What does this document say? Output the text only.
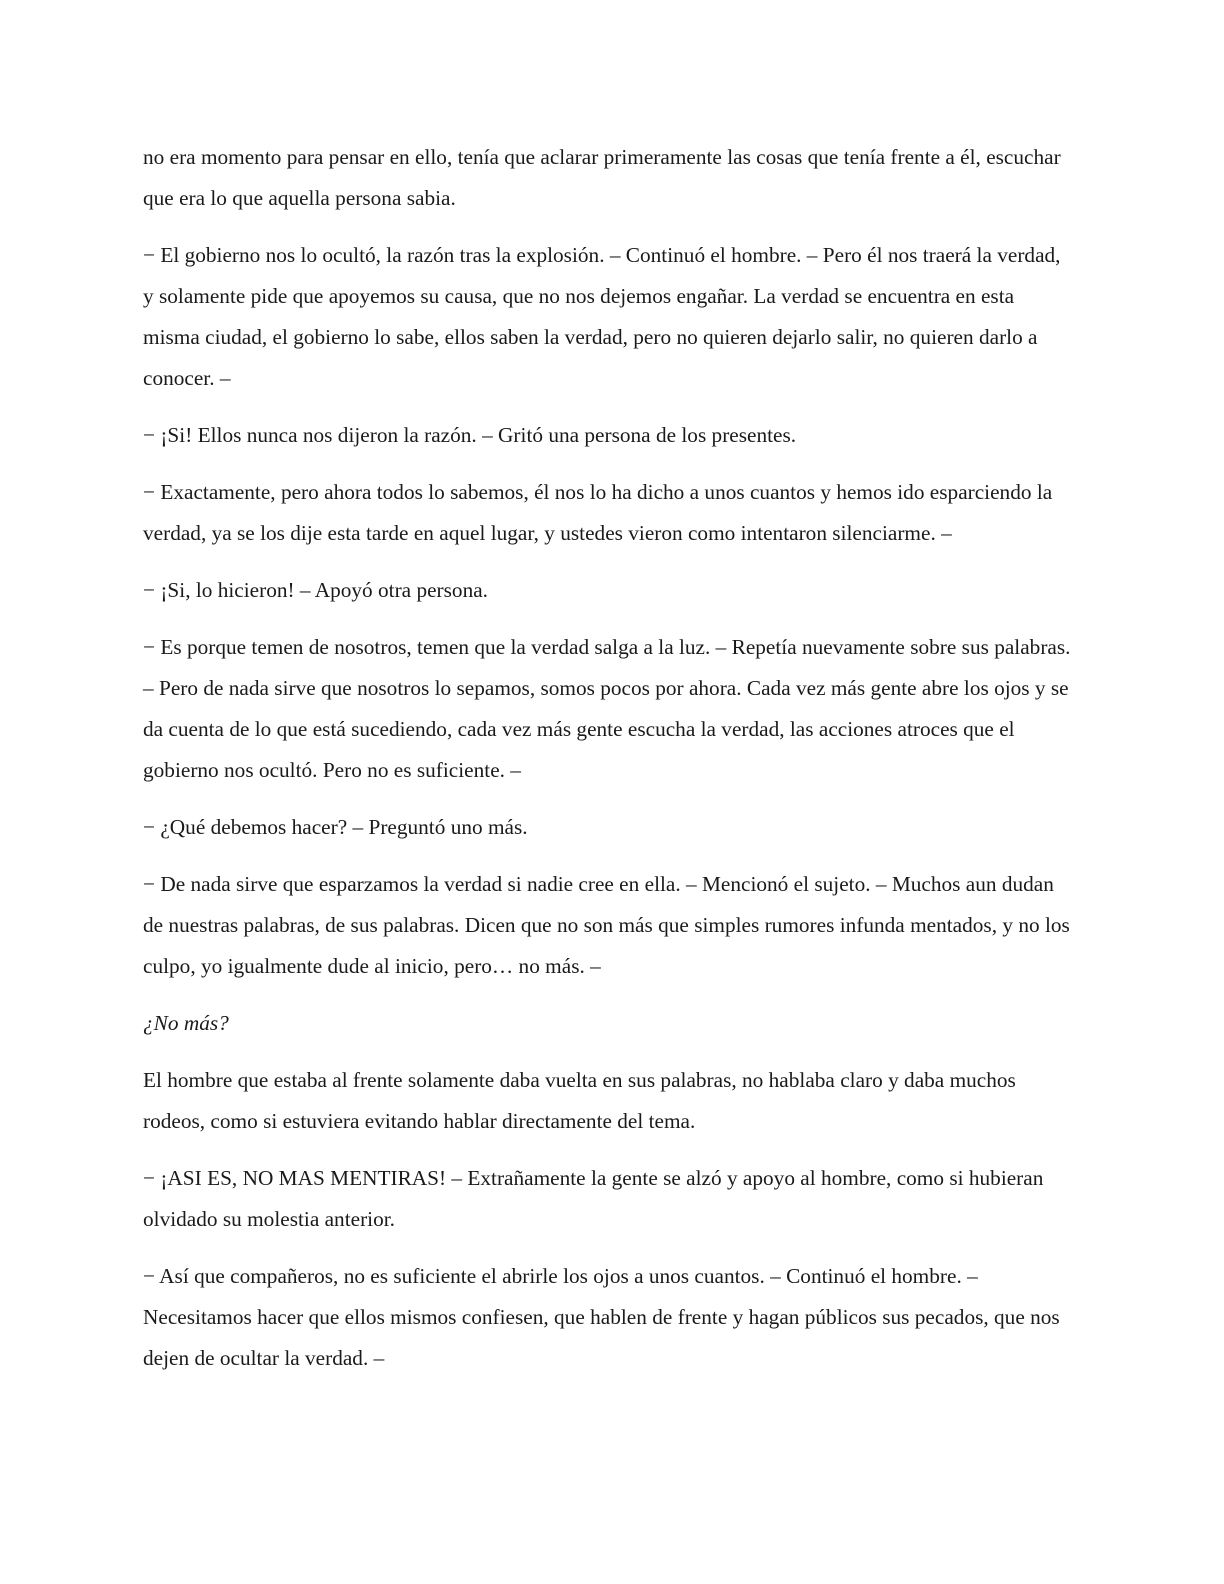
no era momento para pensar en ello, tenía que aclarar primeramente las cosas que tenía frente a él, escuchar que era lo que aquella persona sabia.

− El gobierno nos lo ocultó, la razón tras la explosión. – Continuó el hombre. – Pero él nos traerá la verdad, y solamente pide que apoyemos su causa, que no nos dejemos engañar. La verdad se encuentra en esta misma ciudad, el gobierno lo sabe, ellos saben la verdad, pero no quieren dejarlo salir, no quieren darlo a conocer. –

− ¡Si! Ellos nunca nos dijeron la razón. – Gritó una persona de los presentes.

− Exactamente, pero ahora todos lo sabemos, él nos lo ha dicho a unos cuantos y hemos ido esparciendo la verdad, ya se los dije esta tarde en aquel lugar, y ustedes vieron como intentaron silenciarme. –

− ¡Si, lo hicieron! – Apoyó otra persona.

− Es porque temen de nosotros, temen que la verdad salga a la luz. – Repetía nuevamente sobre sus palabras. – Pero de nada sirve que nosotros lo sepamos, somos pocos por ahora. Cada vez más gente abre los ojos y se da cuenta de lo que está sucediendo, cada vez más gente escucha la verdad, las acciones atroces que el gobierno nos ocultó. Pero no es suficiente. –

− ¿Qué debemos hacer? – Preguntó uno más.

− De nada sirve que esparzamos la verdad si nadie cree en ella. – Mencionó el sujeto. – Muchos aun dudan de nuestras palabras, de sus palabras. Dicen que no son más que simples rumores infunda mentados, y no los culpo, yo igualmente dude al inicio, pero… no más. –

¿No más?

El hombre que estaba al frente solamente daba vuelta en sus palabras, no hablaba claro y daba muchos rodeos, como si estuviera evitando hablar directamente del tema.

− ¡ASI ES, NO MAS MENTIRAS! – Extrañamente la gente se alzó y apoyo al hombre, como si hubieran olvidado su molestia anterior.

− Así que compañeros, no es suficiente el abrirle los ojos a unos cuantos. – Continuó el hombre. – Necesitamos hacer que ellos mismos confiesen, que hablen de frente y hagan públicos sus pecados, que nos dejen de ocultar la verdad. –
